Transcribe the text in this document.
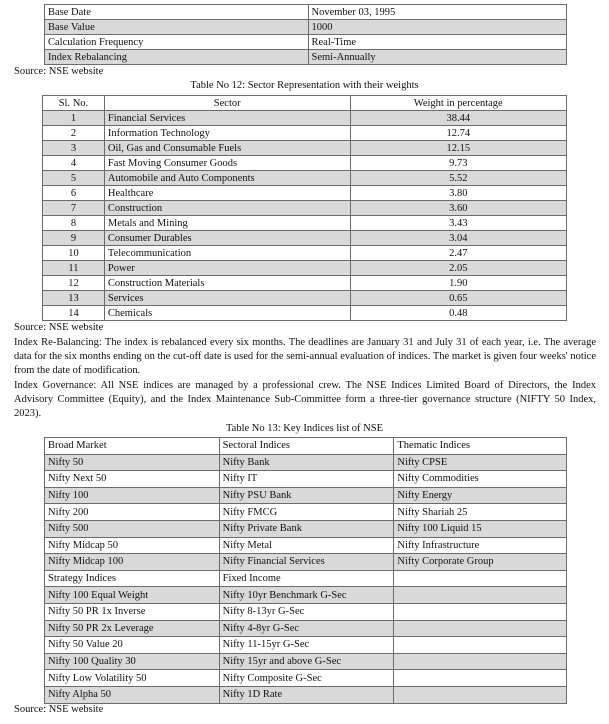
Base Date	November 03, 1995
Base Value	1000
Calculation Frequency	Real-Time
Index Rebalancing	Semi-Annually
Source: NSE website
Table No 12: Sector Representation with their weights
Sl. No.	Sector	Weight in percentage
1	Financial Services	38.44
2	Information Technology	12.74
3	Oil, Gas and Consumable Fuels	12.15
4	Fast Moving Consumer Goods	9.73
5	Automobile and Auto Components	5.52
6	Healthcare	3.80
7	Construction	3.60
8	Metals and Mining	3.43
9	Consumer Durables	3.04
10	Telecommunication	2.47
11	Power	2.05
12	Construction Materials	1.90
13	Services	0.65
14	Chemicals	0.48
Source: NSE website
Index Re-Balancing: The index is rebalanced every six months. The deadlines are January 31 and July 31 of each year, i.e. The average data for the six months ending on the cut-off date is used for the semi-annual evaluation of indices. The market is given four weeks' notice from the date of modification.
Index Governance: All NSE indices are managed by a professional crew. The NSE Indices Limited Board of Directors, the Index Advisory Committee (Equity), and the Index Maintenance Sub-Committee form a three-tier governance structure (NIFTY 50 Index, 2023).
Table No 13: Key Indices list of NSE
Broad Market	Sectoral Indices	Thematic Indices
Nifty 50	Nifty Bank	Nifty CPSE
Nifty Next 50	Nifty IT	Nifty Commodities
Nifty 100	Nifty PSU Bank	Nifty Energy
Nifty 200	Nifty FMCG	Nifty Shariah 25
Nifty 500	Nifty Private Bank	Nifty 100 Liquid 15
Nifty Midcap 50	Nifty Metal	Nifty Infrastructure
Nifty Midcap 100	Nifty Financial Services	Nifty Corporate Group
Strategy Indices	Fixed Income	
Nifty 100 Equal Weight	Nifty 10yr Benchmark G-Sec	
Nifty 50 PR 1x Inverse	Nifty 8-13yr G-Sec	
Nifty 50 PR 2x Leverage	Nifty 4-8yr G-Sec	
Nifty 50 Value 20	Nifty 11-15yr G-Sec	
Nifty 100 Quality 30	Nifty 15yr and above G-Sec	
Nifty Low Volatility 50	Nifty Composite G-Sec	
Nifty Alpha 50	Nifty 1D Rate	
Source: NSE website
